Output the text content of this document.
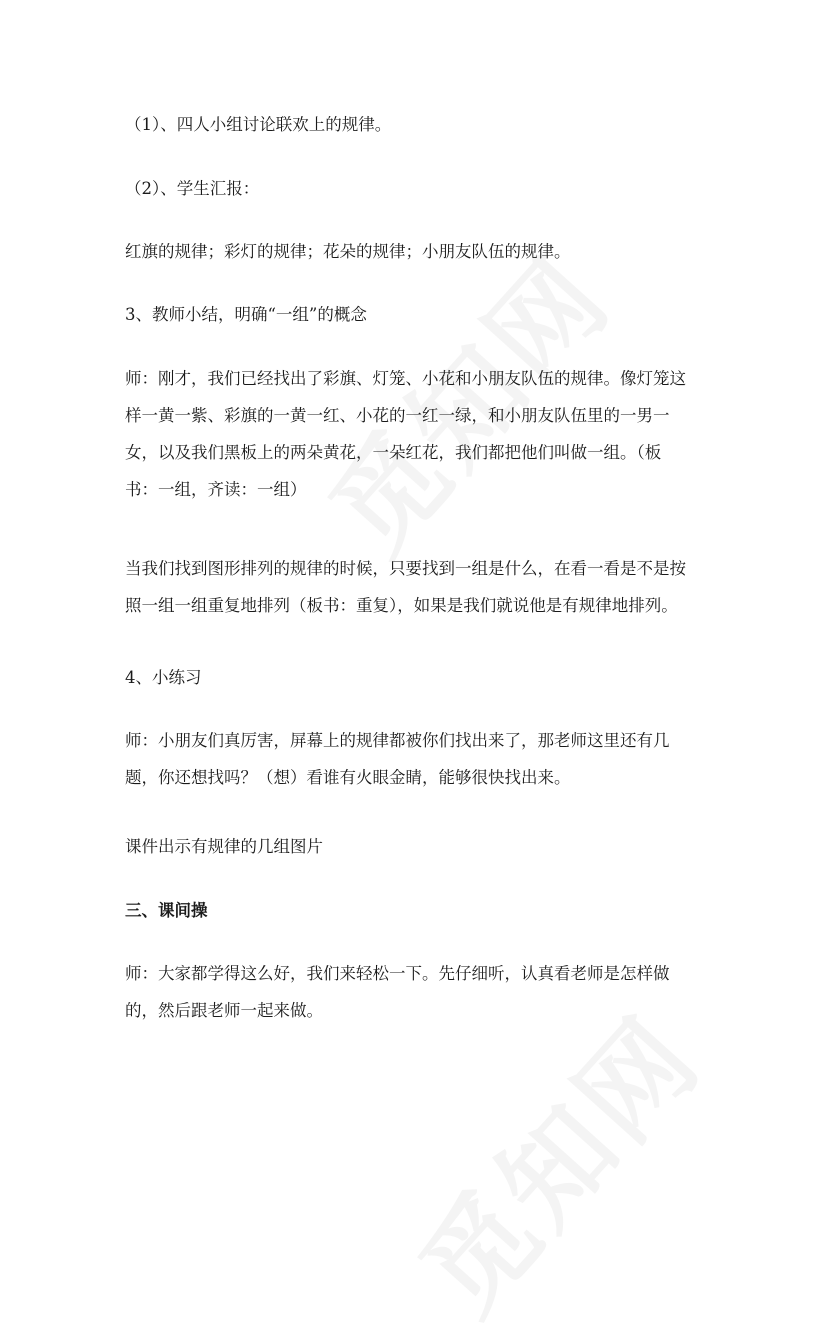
（1）、四人小组讨论联欢上的规律。

（2）、学生汇报：

红旗的规律；彩灯的规律；花朵的规律；小朋友队伍的规律。

3、教师小结，明确“一组”的概念

师：刚才，我们已经找出了彩旗、灯笼、小花和小朋友队伍的规律。像灯笼这
样一黄一紫、彩旗的一黄一红、小花的一红一绿，和小朋友队伍里的一男一
女，以及我们黑板上的两朵黄花，一朵红花，我们都把他们叫做一组。（板
书：一组，齐读：一组）

当我们找到图形排列的规律的时候，只要找到一组是什么，在看一看是不是按
照一组一组重复地排列（板书：重复），如果是我们就说他是有规律地排列。

4、小练习

师：小朋友们真厉害，屏幕上的规律都被你们找出来了，那老师这里还有几
题，你还想找吗？（想）看谁有火眼金睛，能够很快找出来。

课件出示有规律的几组图片

三、课间操

师：大家都学得这么好，我们来轻松一下。先仔细听，认真看老师是怎样做
的，然后跟老师一起来做。
